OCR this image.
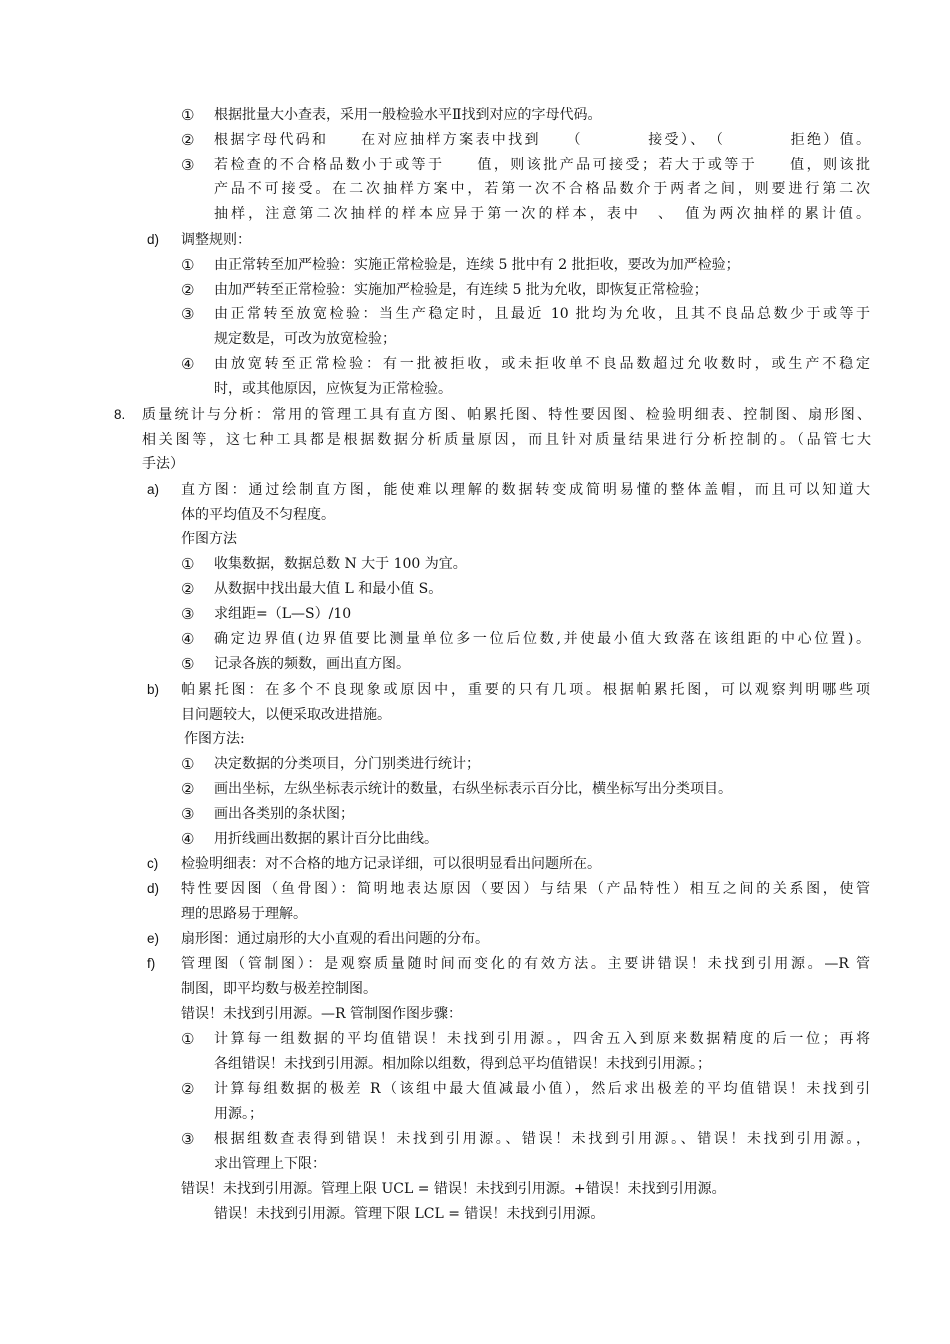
① 根据批量大小查表，采用一般检验水平Ⅱ找到对应的字母代码。
② 根据字母代码和　　在对应抽样方案表中找到　　（　　　　接受）、　（　　　　拒绝）值。
③ 若检查的不合格品数小于或等于　　值，则该批产品可接受；若大于或等于　　值，则该批
产品不可接受。在二次抽样方案中，若第一次不合格品数介于两者之间，则要进行第二次
抽样，注意第二次抽样的样本应异于第一次的样本，表中　、　值为两次抽样的累计值。
d) 调整规则：
① 由正常转至加严检验：实施正常检验是，连续 5 批中有 2 批拒收，要改为加严检验；
② 由加严转至正常检验：实施加严检验是，有连续 5 批为允收，即恢复正常检验；
③ 由正常转至放宽检验：当生产稳定时，且最近 10 批均为允收，且其不良品总数少于或等于
规定数是，可改为放宽检验；
④ 由放宽转至正常检验：有一批被拒收，或未拒收单不良品数超过允收数时，或生产不稳定
时，或其他原因，应恢复为正常检验。
8. 质量统计与分析：常用的管理工具有直方图、帕累托图、特性要因图、检验明细表、控制图、扇形图、
相关图等，这七种工具都是根据数据分析质量原因，而且针对质量结果进行分析控制的。（品管七大
手法）
a) 直方图：通过绘制直方图，能使难以理解的数据转变成简明易懂的整体盖帽，而且可以知道大
体的平均值及不匀程度。
作图方法
① 收集数据，数据总数 N 大于 100 为宜。
② 从数据中找出最大值 L 和最小值 S。
③ 求组距=（L—S）/10
④ 确定边界值(边界值要比测量单位多一位后位数,并使最小值大致落在该组距的中心位置)。
⑤ 记录各族的频数，画出直方图。
b) 帕累托图：在多个不良现象或原因中，重要的只有几项。根据帕累托图，可以观察判明哪些项
目问题较大，以便采取改进措施。
作图方法:
① 决定数据的分类项目，分门别类进行统计；
② 画出坐标，左纵坐标表示统计的数量，右纵坐标表示百分比，横坐标写出分类项目。
③ 画出各类别的条状图；
④ 用折线画出数据的累计百分比曲线。
c) 检验明细表：对不合格的地方记录详细，可以很明显看出问题所在。
d) 特性要因图（鱼骨图）：简明地表达原因（要因）与结果（产品特性）相互之间的关系图，使管
理的思路易于理解。
e) 扇形图：通过扇形的大小直观的看出问题的分布。
f) 管理图（管制图）：是观察质量随时间而变化的有效方法。主要讲错误！未找到引用源。—R 管
制图，即平均数与极差控制图。
错误！未找到引用源。—R 管制图作图步骤：
① 计算每一组数据的平均值错误！未找到引用源。，四舍五入到原来数据精度的后一位；再将
各组错误！未找到引用源。相加除以组数，得到总平均值错误！未找到引用源。；
② 计算每组数据的极差 R（该组中最大值减最小值），然后求出极差的平均值错误！未找到引
用源。；
③ 根据组数查表得到错误！未找到引用源。、错误！未找到引用源。、错误！未找到引用源。，
求出管理上下限：
错误！未找到引用源。管理上限 UCL = 错误！未找到引用源。+错误！未找到引用源。
错误！未找到引用源。管理下限 LCL = 错误！未找到引用源。
